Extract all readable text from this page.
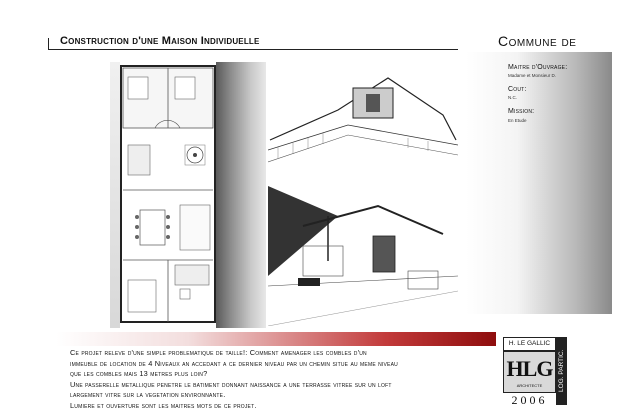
Construction d'une Maison Individuelle	Commune de
Maitre d'Ouvrage:
Madame et Monsieur D.
Cout:
N.C.
Mission:
En Etude
Ce projet releve d'une simple problematique de taille!: Comment amenager les combles d'un
immeuble de location de 4 Niveaux an accedant a ce dernier niveau par un chemin situe au meme niveau
que les combles mais 13 metres plus loin?
Une passerelle metallique penetre le batiment donnant naissance a une terrasse vitree sur un loft
largement vitre sur la vegetation environnante.
Lumiere et ouverture sont les maitres mots de ce projet.
H. LE GALLIC
HLG
ARCHITECTE
2006
LOG. PARTIC.
